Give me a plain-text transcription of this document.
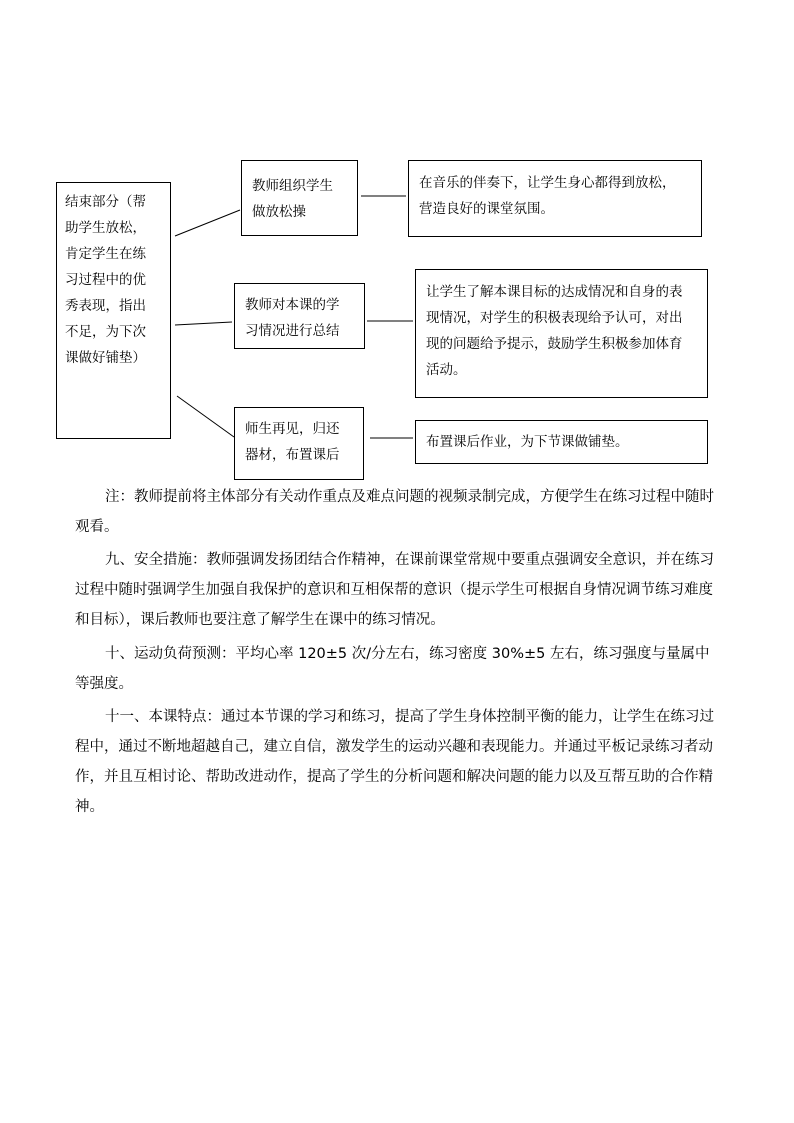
结束部分（帮
助学生放松，
肯定学生在练
习过程中的优
秀表现，指出
不足，为下次
课做好铺垫）
教师组织学生
做放松操
在音乐的伴奏下，让学生身心都得到放松，
营造良好的课堂氛围。
教师对本课的学
习情况进行总结
让学生了解本课目标的达成情况和自身的表
现情况，对学生的积极表现给予认可，对出
现的问题给予提示，鼓励学生积极参加体育
活动。
师生再见，归还
器材，布置课后
布置课后作业，为下节课做铺垫。

注：教师提前将主体部分有关动作重点及难点问题的视频录制完成，方便学生在练习过程中随时观看。

九、安全措施：教师强调发扬团结合作精神，在课前课堂常规中要重点强调安全意识，并在练习过程中随时强调学生加强自我保护的意识和互相保帮的意识（提示学生可根据自身情况调节练习难度和目标），课后教师也要注意了解学生在课中的练习情况。

十、运动负荷预测：平均心率 120±5 次/分左右，练习密度 30%±5 左右，练习强度与量属中等强度。

十一、本课特点：通过本节课的学习和练习，提高了学生身体控制平衡的能力，让学生在练习过程中，通过不断地超越自己，建立自信，激发学生的运动兴趣和表现能力。并通过平板记录练习者动作，并且互相讨论、帮助改进动作，提高了学生的分析问题和解决问题的能力以及互帮互助的合作精神。
